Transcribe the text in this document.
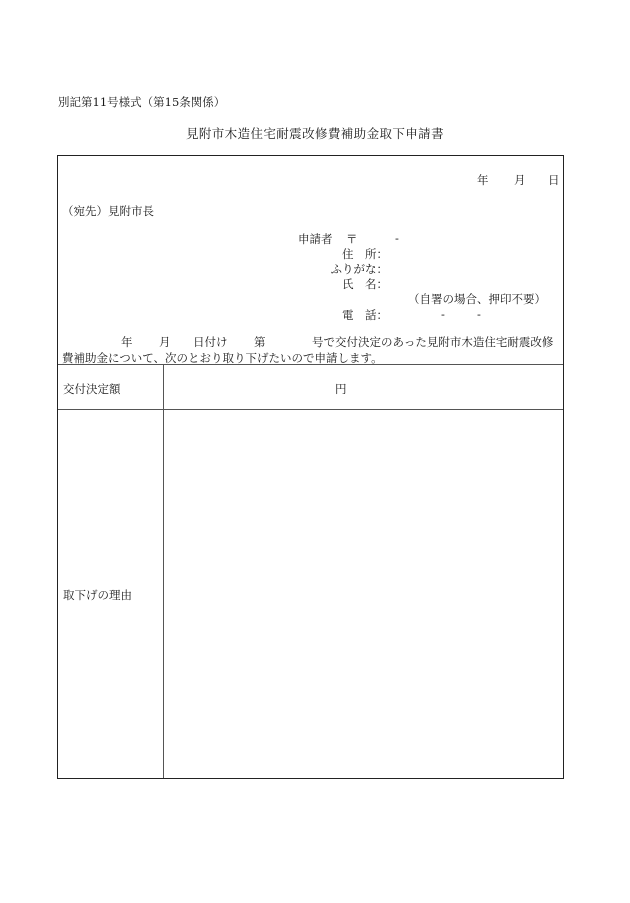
別記第11号様式（第15条関係）
見附市木造住宅耐震改修費補助金取下申請書
年 月 日
（宛先）見附市長
申請者 〒	-
住　所：
ふりがな：
氏　名：
（自署の場合、押印不要）
電　話：	-	-
年 月 日付け 第	号で交付決定のあった見附市木造住宅耐震改修
費補助金について、次のとおり取り下げたいので申請します。
交付決定額	円
取下げの理由
